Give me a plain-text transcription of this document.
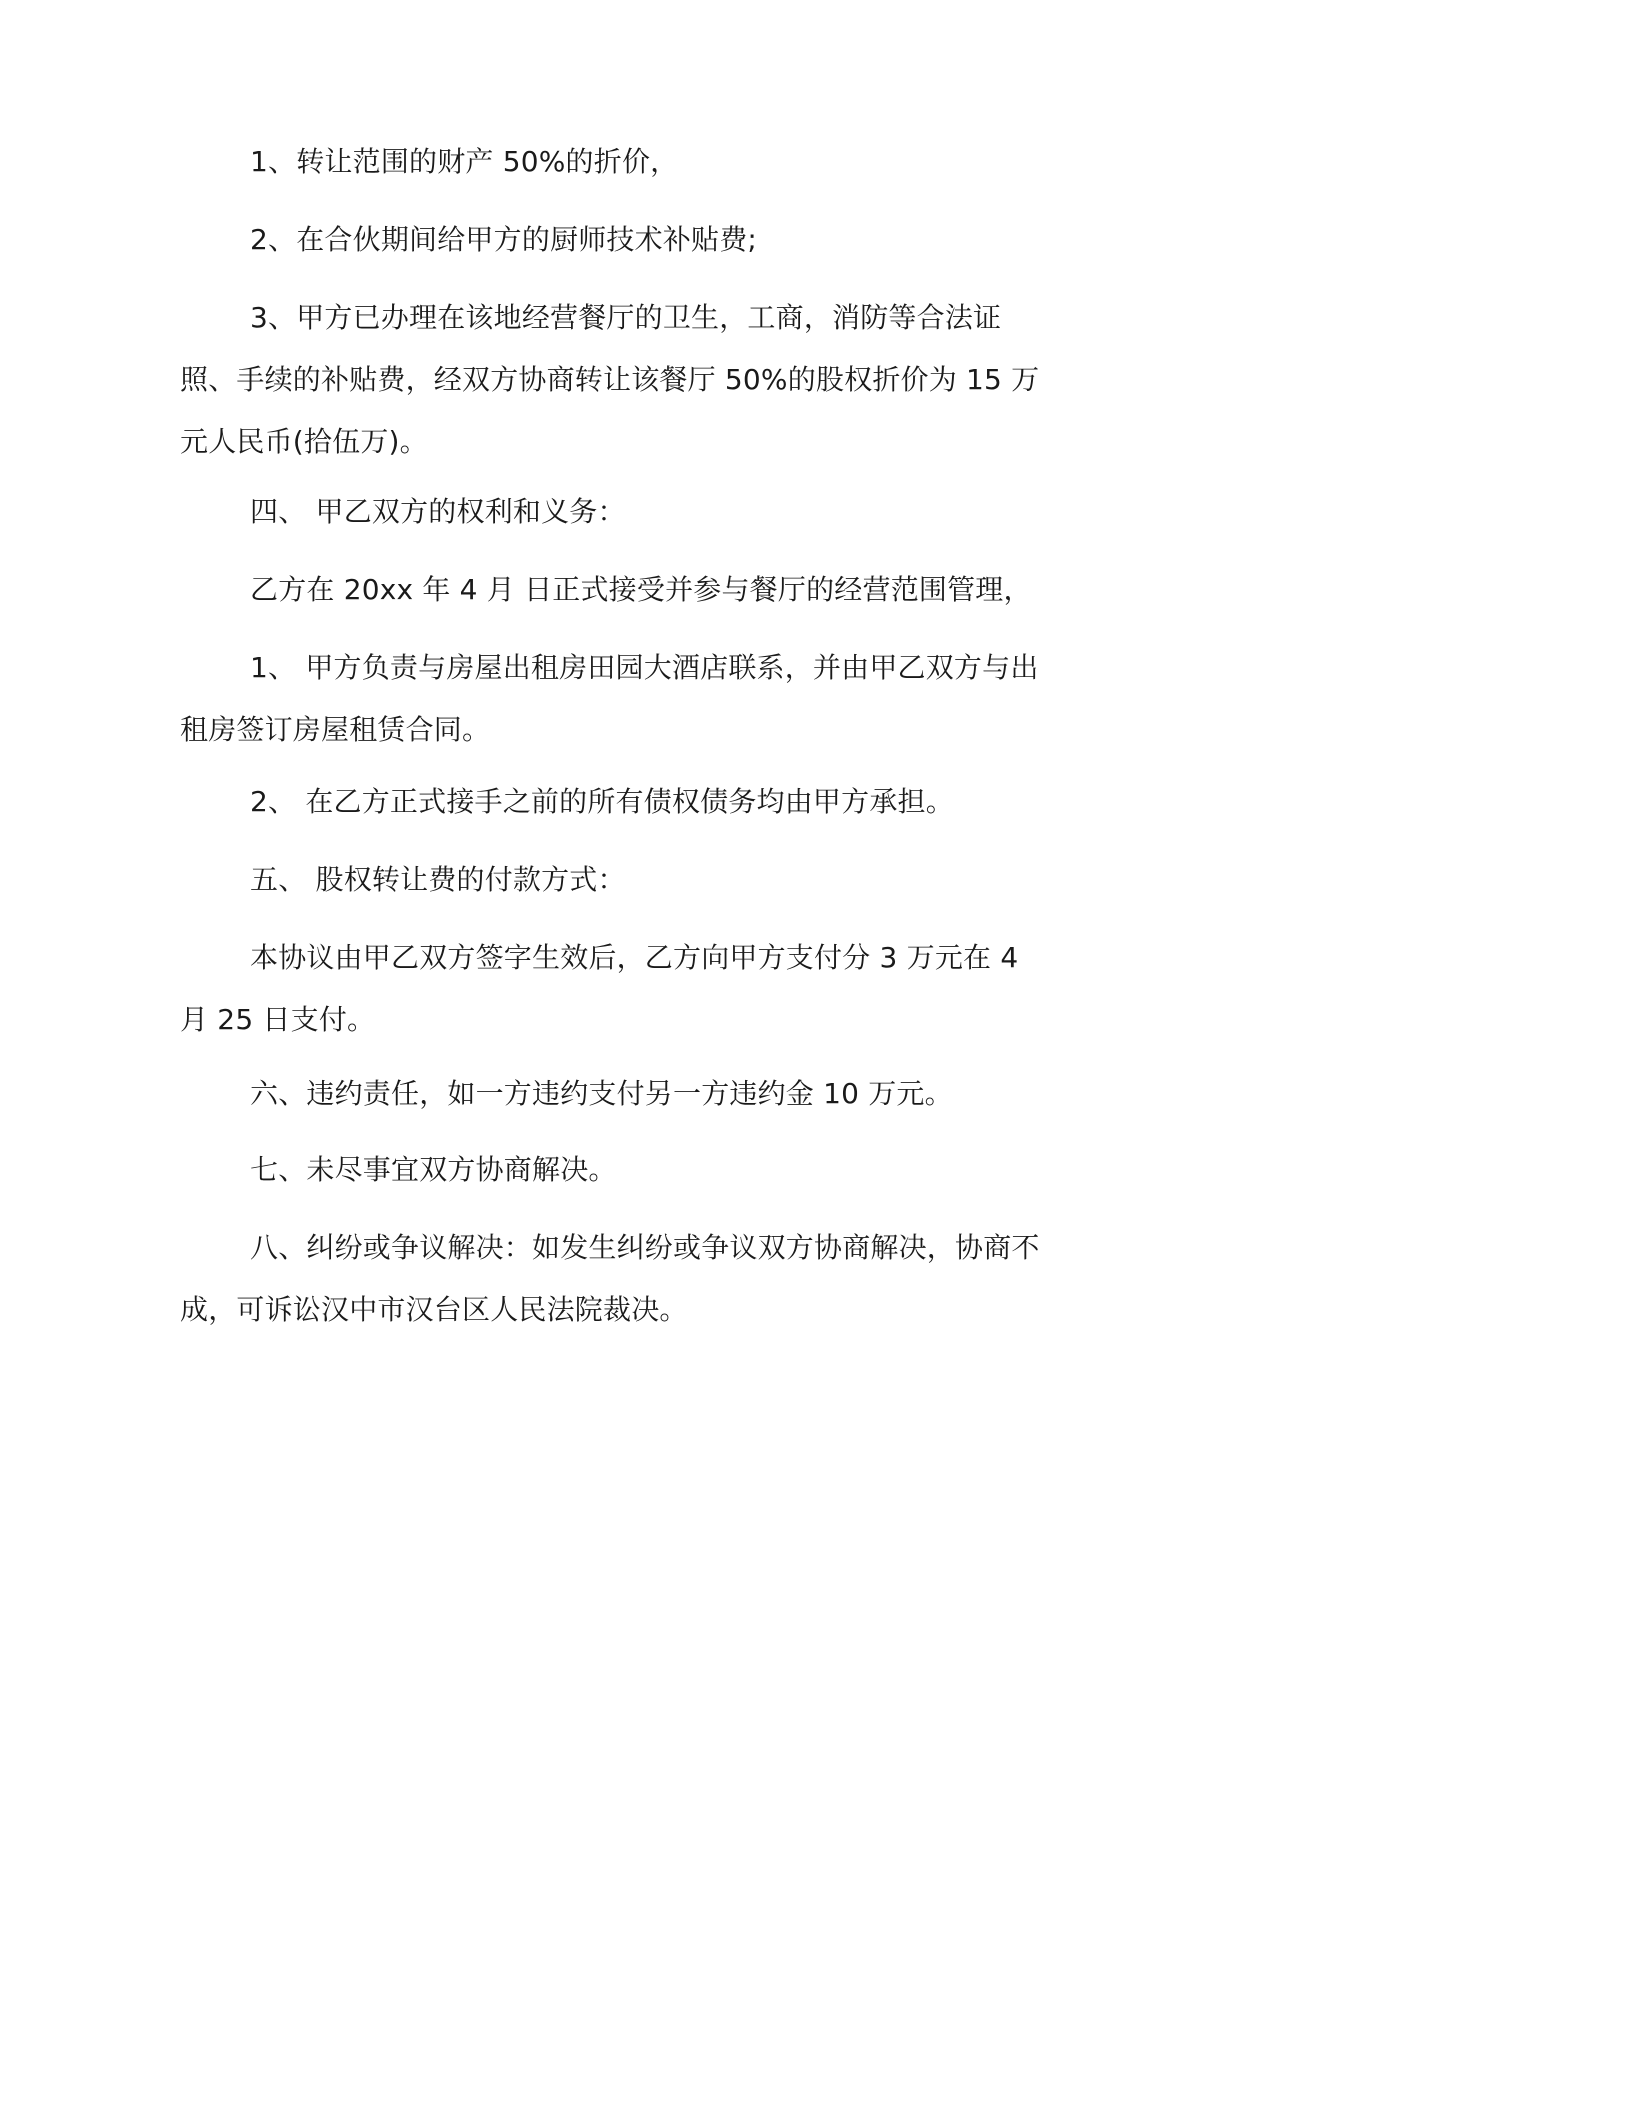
1、转让范围的财产 50%的折价，

2、在合伙期间给甲方的厨师技术补贴费;

3、甲方已办理在该地经营餐厅的卫生，工商，消防等合法证照、手续的补贴费，经双方协商转让该餐厅 50%的股权折价为 15 万元人民币(拾伍万)。

四、 甲乙双方的权利和义务：

乙方在 20xx 年 4 月 日正式接受并参与餐厅的经营范围管理，

1、 甲方负责与房屋出租房田园大酒店联系，并由甲乙双方与出租房签订房屋租赁合同。

2、 在乙方正式接手之前的所有债权债务均由甲方承担。

五、 股权转让费的付款方式：

本协议由甲乙双方签字生效后，乙方向甲方支付分 3 万元在 4 月 25 日支付。

六、违约责任，如一方违约支付另一方违约金 10 万元。

七、未尽事宜双方协商解决。

八、纠纷或争议解决：如发生纠纷或争议双方协商解决，协商不成，可诉讼汉中市汉台区人民法院裁决。
